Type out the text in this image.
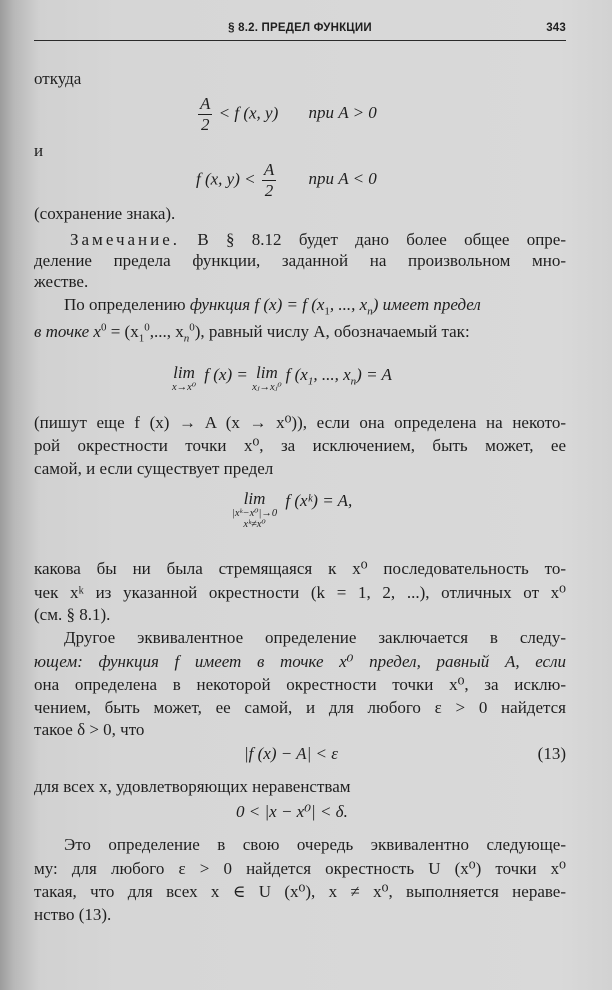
§ 8.2. ПРЕДЕЛ ФУНКЦИИ	343
откуда
$\frac{A}{2} < f$ (x, y) при A > 0
и
f (x, $y) < \frac{A}{2}$ при A < 0
(сохранение знака).
Замечание. В § 8.12 будет дано более общее опре-
деление предела функции, заданной на произвольном мно-
жестве.
По определению функция f (x) = f ($x_1$, ..., $x_n$) имеет предел
в точке $x^0 = (x_1^0$,..., $x_n^0$), равный числу A, обозначаемый так:
lim
x→x⁰
f (x) = lim
xⱼ→xⱼ⁰
f ($x_1$, ..., $x_n) = A$
(пишут еще f (x) → A (x → x⁰)), если она определена на некото-
рой окрестности точки x⁰, за исключением, быть может, ее
самой, и если существует предел
lim
|xᵏ−x⁰|→0
xᵏ≠x⁰
f (xᵏ) = A,
какова бы ни была стремящаяся к x⁰ последовательность то-
чек xᵏ из указанной окрестности (k = 1, 2, ...), отличных от x⁰
(см. § 8.1).
Другое эквивалентное определение заключается в следу-
ющем: функция f имеет в точке x⁰ предел, равный A, если
она определена в некоторой окрестности точки x⁰, за исклю-
чением, быть может, ее самой, и для любого ε > 0 найдется
такое δ > 0, что
|f (x) − A| < ε	(13)
для всех x, удовлетворяющих неравенствам
0 < |x − x⁰| < δ.
Это определение в свою очередь эквивалентно следующе-
му: для любого ε > 0 найдется окрестность U (x⁰) точки x⁰
такая, что для всех x ∈ U (x⁰), x ≠ x⁰, выполняется нераве-
нство (13).
